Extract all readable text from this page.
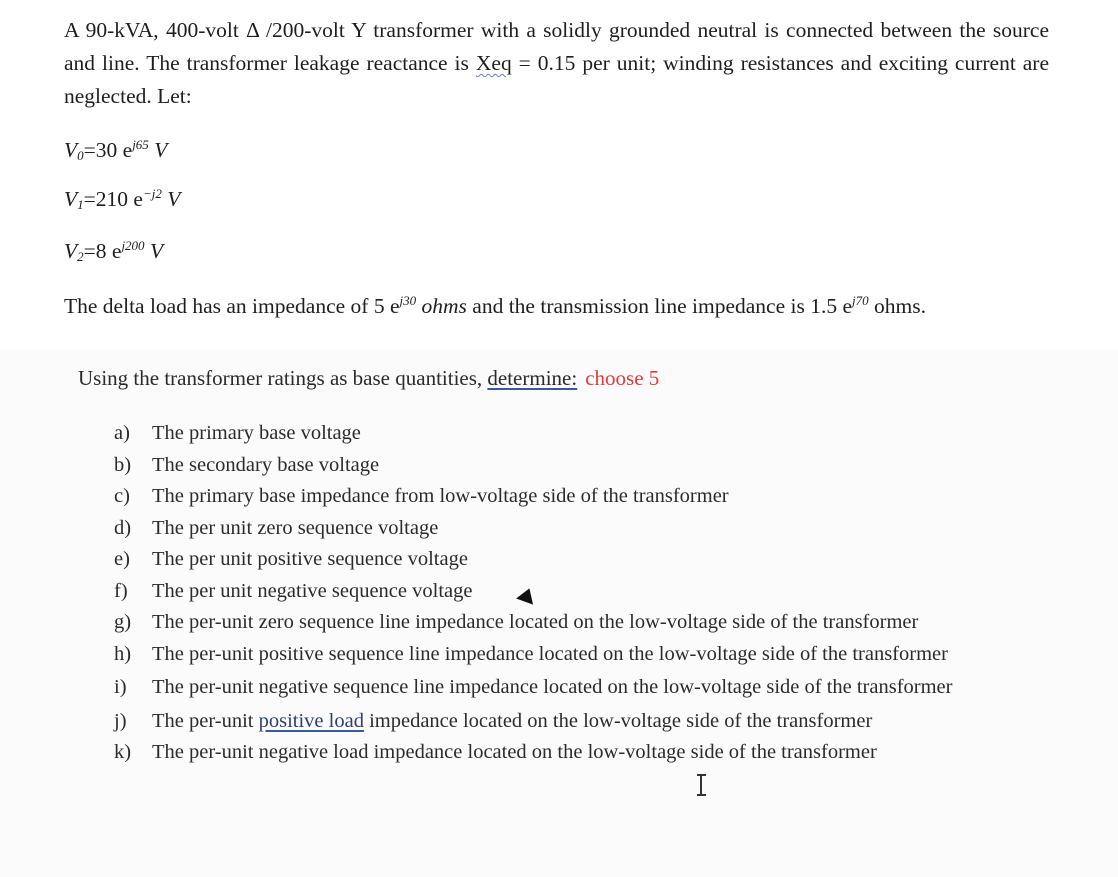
A 90-kVA, 400-volt Δ /200-volt Y transformer with a solidly grounded neutral is connected between the source and line. The transformer leakage reactance is Xeq = 0.15 per unit; winding resistances and exciting current are neglected. Let:
$V_0=30$ $e^{j65}$ V
$V_1=210$ $e^{-j2}$ V
$V_2=8$ $e^{j200}$ V
The delta load has an impedance of 5 $e^{j30}$ ohms and the transmission line impedance is 1.5 $e^{j70}$ ohms.
Using the transformer ratings as base quantities, determine: choose 5
a)	The primary base voltage
b)	The secondary base voltage
c)	The primary base impedance from low-voltage side of the transformer
d)	The per unit zero sequence voltage
e)	The per unit positive sequence voltage
f)	The per unit negative sequence voltage
g)	The per-unit zero sequence line impedance located on the low-voltage side of the transformer
h)	The per-unit positive sequence line impedance located on the low-voltage side of the transformer
i)	The per-unit negative sequence line impedance located on the low-voltage side of the transformer
j)	The per-unit positive load impedance located on the low-voltage side of the transformer
k)	The per-unit negative load impedance located on the low-voltage side of the transformer
